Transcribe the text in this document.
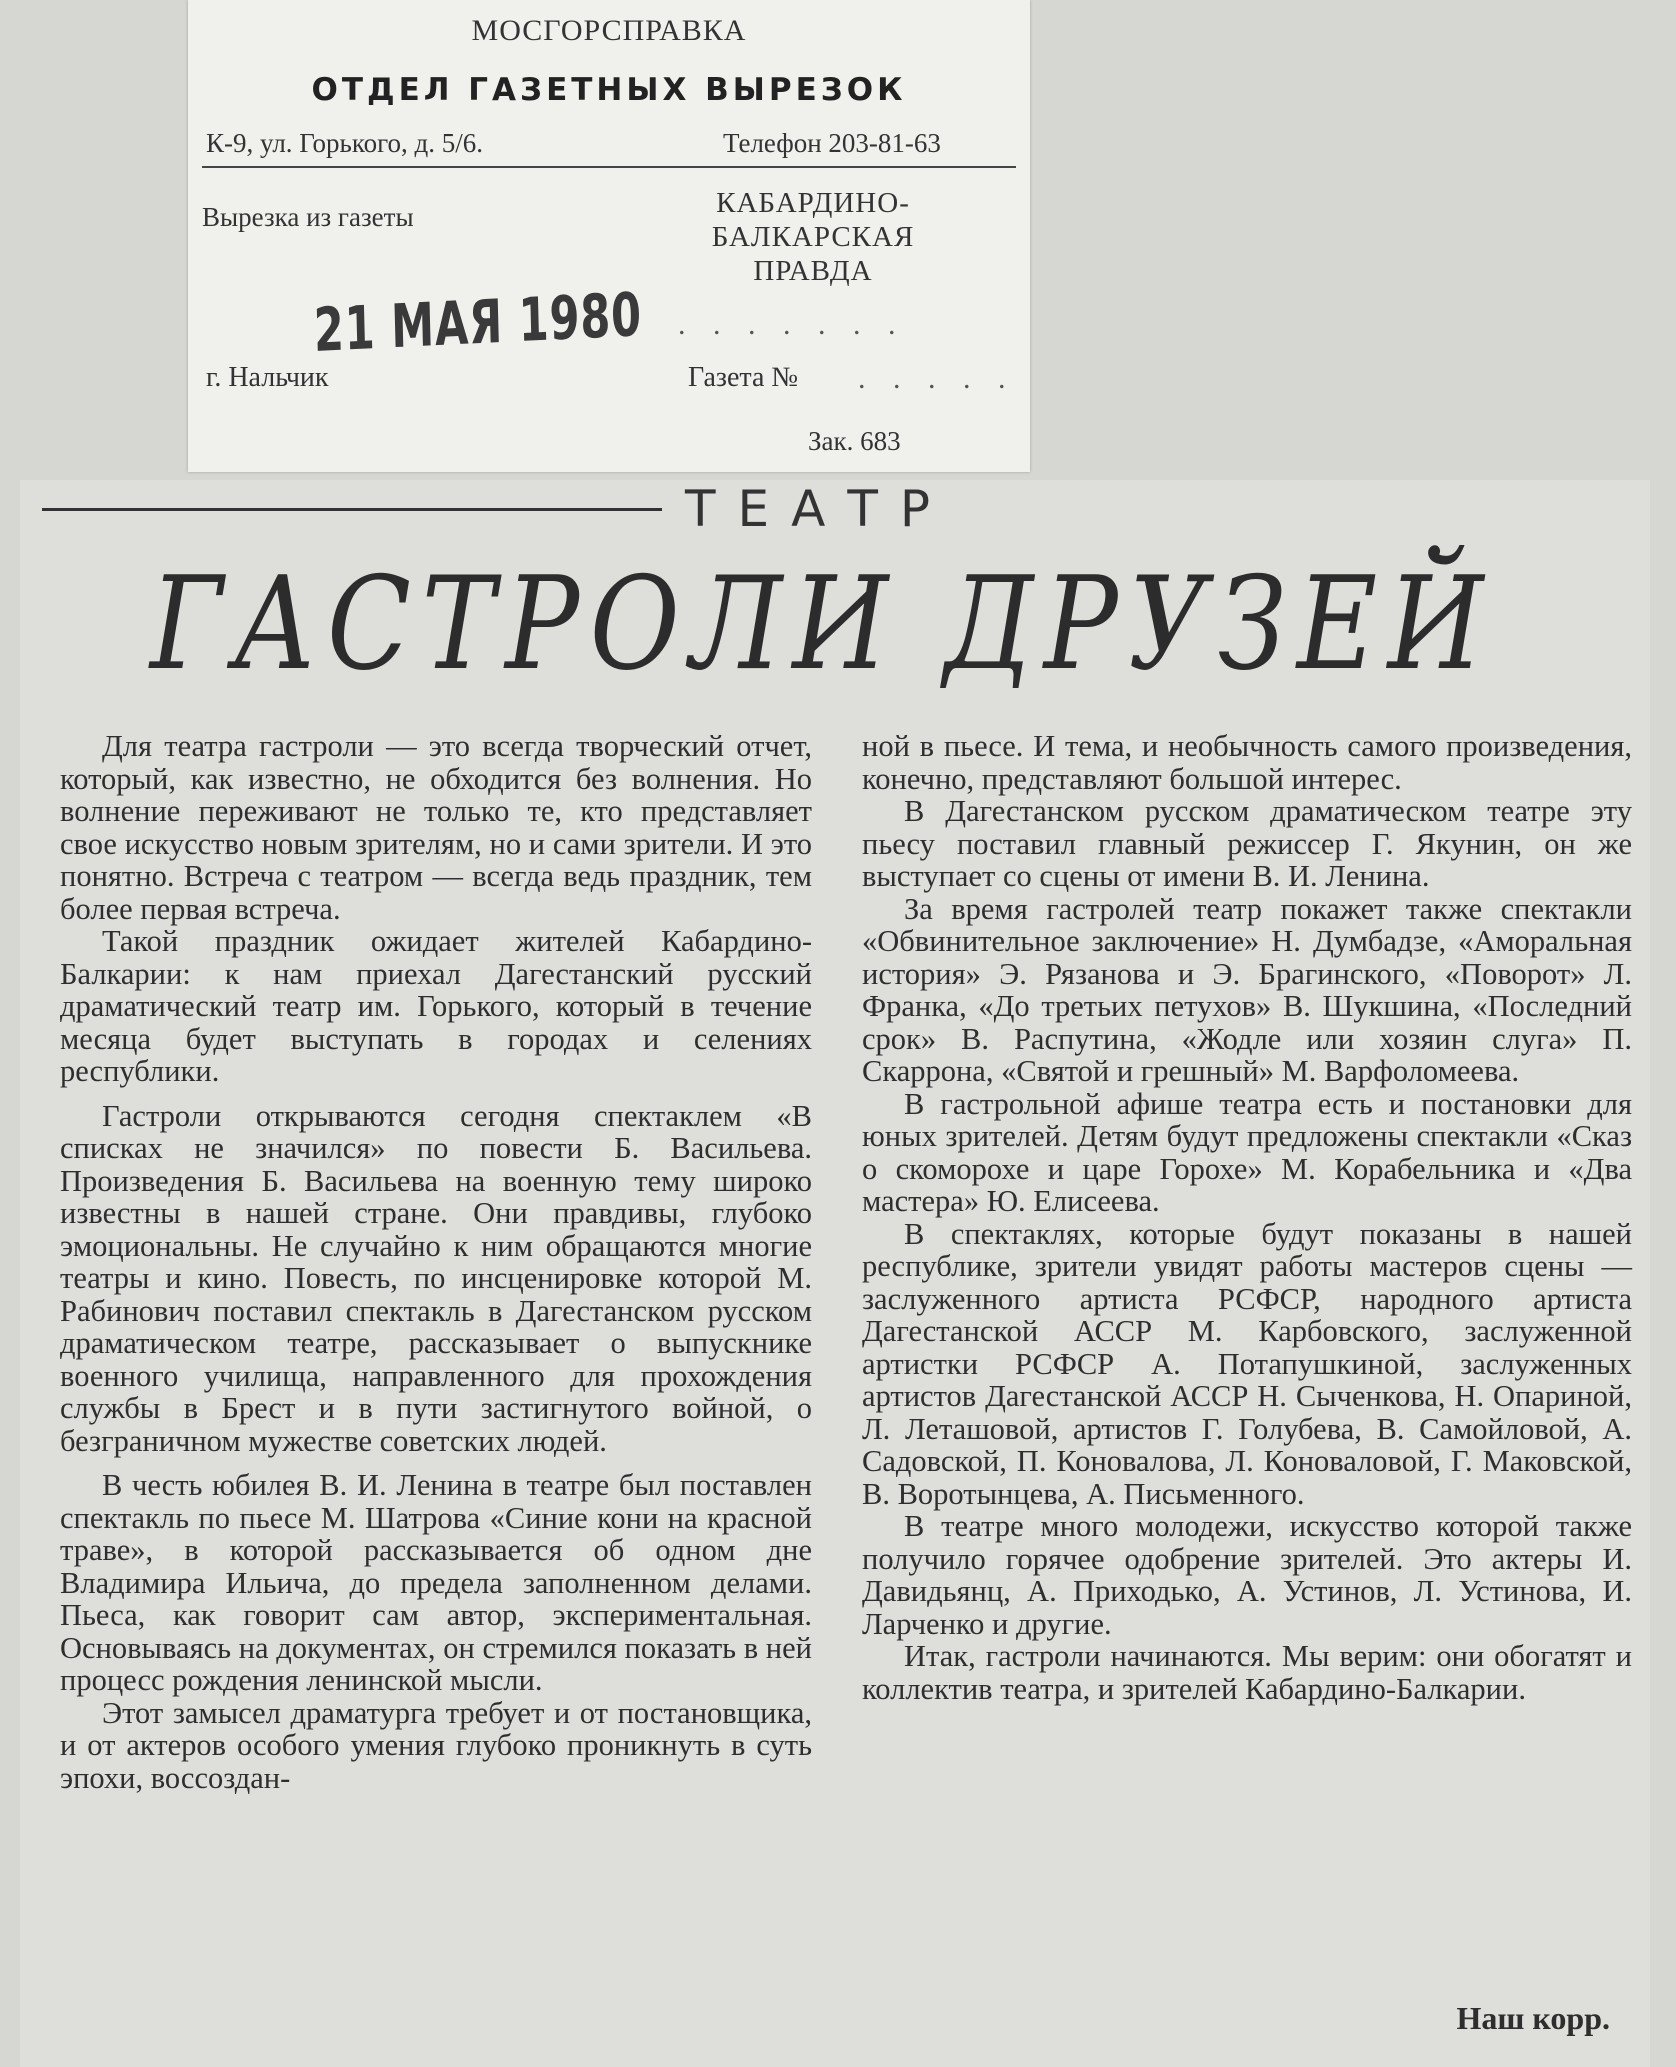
МОСГОРСПРАВКА
ОТДЕЛ ГАЗЕТНЫХ ВЫРЕЗОК
К-9, ул. Горького, д. 5/6.	Телефон 203-81-63
Вырезка из газеты	КАБАРДИНО-БАЛКАРСКАЯ ПРАВДА
21 МАЯ 1980 . . . . . . .
г. Нальчик	Газета № . . . . .
Зак. 683
ТЕАТР
ГАСТРОЛИ ДРУЗЕЙ

Для театра гастроли — это всегда творческий отчет, который, как известно, не обходится без волнения. Но волнение переживают не только те, кто представляет свое искусство новым зрителям, но и сами зрители. И это понятно. Встреча с театром — всегда ведь праздник, тем более первая встреча.

Такой праздник ожидает жителей Кабардино-Балкарии: к нам приехал Дагестанский русский драматический театр им. Горького, который в течение месяца будет выступать в городах и селениях республики.

Гастроли открываются сегодня спектаклем «В списках не значился» по повести Б. Васильева. Произведения Б. Васильева на военную тему широко известны в нашей стране. Они правдивы, глубоко эмоциональны. Не случайно к ним обращаются многие театры и кино. Повесть, по инсценировке которой М. Рабинович поставил спектакль в Дагестанском русском драматическом театре, рассказывает о выпускнике военного училища, направленного для прохождения службы в Брест и в пути застигнутого войной, о безграничном мужестве советских людей.

В честь юбилея В. И. Ленина в театре был поставлен спектакль по пьесе М. Шатрова «Синие кони на красной траве», в которой рассказывается об одном дне Владимира Ильича, до предела заполненном делами. Пьеса, как говорит сам автор, экспериментальная. Основываясь на документах, он стремился показать в ней процесс рождения ленинской мысли.

Этот замысел драматурга требует и от постановщика, и от актеров особого умения глубоко проникнуть в суть эпохи, воссоздан-

ной в пьесе. И тема, и необычность самого произведения, конечно, представляют большой интерес.

В Дагестанском русском драматическом театре эту пьесу поставил главный режиссер Г. Якунин, он же выступает со сцены от имени В. И. Ленина.

За время гастролей театр покажет также спектакли «Обвинительное заключение» Н. Думбадзе, «Аморальная история» Э. Рязанова и Э. Брагинского, «Поворот» Л. Франка, «До третьих петухов» В. Шукшина, «Последний срок» В. Распутина, «Жодле или хозяин слуга» П. Скаррона, «Святой и грешный» М. Варфоломеева.

В гастрольной афише театра есть и постановки для юных зрителей. Детям будут предложены спектакли «Сказ о скоморохе и царе Горохе» М. Корабельника и «Два мастера» Ю. Елисеева.

В спектаклях, которые будут показаны в нашей республике, зрители увидят работы мастеров сцены — заслуженного артиста РСФСР, народного артиста Дагестанской АССР М. Карбовского, заслуженной артистки РСФСР А. Потапушкиной, заслуженных артистов Дагестанской АССР Н. Сыченкова, Н. Опариной, Л. Леташовой, артистов Г. Голубева, В. Самойловой, А. Садовской, П. Коновалова, Л. Коноваловой, Г. Маковской, В. Воротынцева, А. Письменного.

В театре много молодежи, искусство которой также получило горячее одобрение зрителей. Это актеры И. Давидьянц, А. Приходько, А. Устинов, Л. Устинова, И. Ларченко и другие.

Итак, гастроли начинаются. Мы верим: они обогатят и коллектив театра, и зрителей Кабардино-Балкарии.

Наш корр.
